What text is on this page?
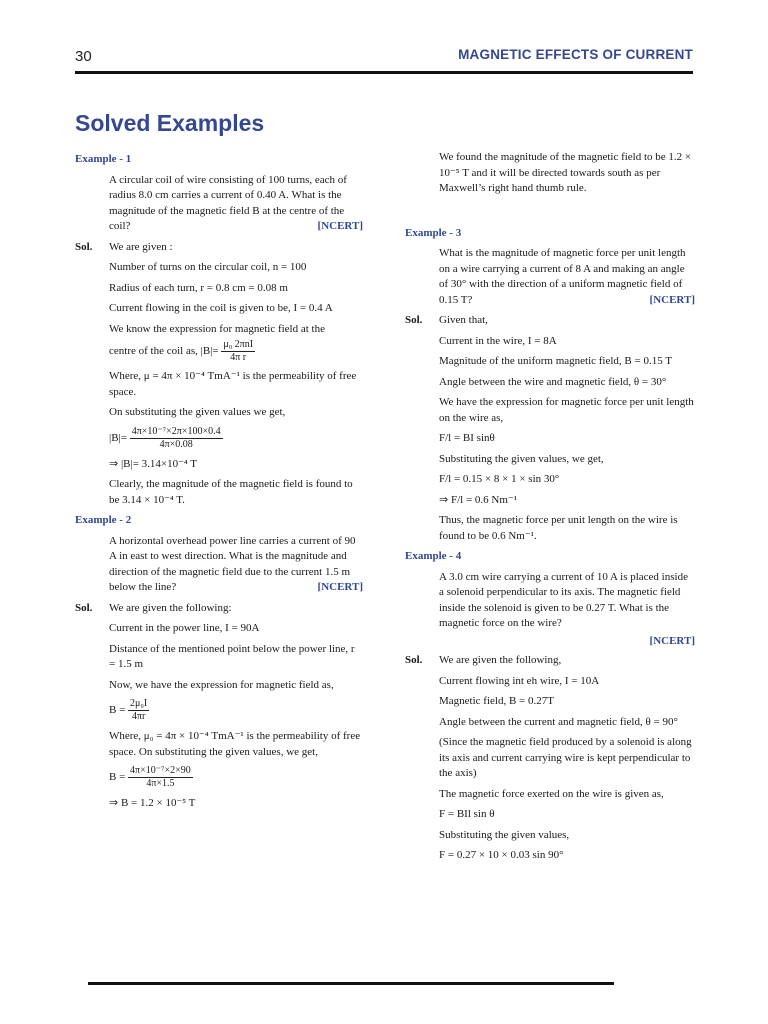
30	MAGNETIC EFFECTS OF CURRENT
Solved Examples
Example - 1
A circular coil of wire consisting of 100 turns, each of radius 8.0 cm carries a current of 0.40 A. What is the magnitude of the magnetic field B at the centre of the coil?	[NCERT]
Sol.	We are given :
Number of turns on the circular coil, n = 100
Radius of each turn, r = 0.8 cm = 0.08 m
Current flowing in the coil is given to be, I = 0.4 A
We know the expression for magnetic field at the
centre of the coil as, $|B|= \frac{\text{μ₀ 2πnI}}{\text{4π r}}$
Where, μ = 4π × 10⁻⁴ TmA⁻¹ is the permeability of free space.
On substituting the given values we get,
$|B|= \frac{\text{4π×10⁻⁷×2π×100×0.4}}{4\pi\times 0.08}$
⇒ |B|= 3.14×10⁻⁴ T
Clearly, the magnitude of the magnetic field is found to be 3.14 × 10⁻⁴ T.
Example - 2
A horizontal overhead power line carries a current of 90 A in east to west direction. What is the magnitude and direction of the magnetic field due to the current 1.5 m below the line?	[NCERT]
Sol.	We are given the following:
Current in the power line, I = 90A
Distance of the mentioned point below the power line, r = 1.5 m
Now, we have the expression for magnetic field as,
$B = \frac{\text{2μ₀I}}{4\pi r}$
Where, μ₀ = 4π × 10⁻⁴ TmA⁻¹ is the permeability of free space. On substituting the given values, we get,
$B = \frac{\text{4π×10⁻⁷×2×90}}{4\pi\times 1.5}$
⇒ B = 1.2 × 10⁻⁵ T
We found the magnitude of the magnetic field to be 1.2 × 10⁻⁵ T and it will be directed towards south as per Maxwell’s right hand thumb rule.
Example - 3
What is the magnitude of magnetic force per unit length on a wire carrying a current of 8 A and making an angle of 30° with the direction of a uniform magnetic field of 0.15 T?	[NCERT]
Sol.	Given that,
Current in the wire, I = 8A
Magnitude of the uniform magnetic field, B = 0.15 T
Angle between the wire and magnetic field, θ = 30°
We have the expression for magnetic force per unit length on the wire as,
F/l = BI sinθ
Substituting the given values, we get,
F/l = 0.15 × 8 × 1 × sin 30°
⇒ F/l = 0.6 Nm⁻¹
Thus, the magnetic force per unit length on the wire is found to be 0.6 Nm⁻¹.
Example - 4
A 3.0 cm wire carrying a current of 10 A is placed inside a solenoid perpendicular to its axis. The magnetic field inside the solenoid is given to be 0.27 T. What is the magnetic force on the wire?
[NCERT]
Sol.	We are given the following,
Current flowing int eh wire, I = 10A
Magnetic field, B = 0.27T
Angle between the current and magnetic field, θ = 90°
(Since the magnetic field produced by a solenoid is along its axis and current carrying wire is kept perpendicular to the axis)
The magnetic force exerted on the wire is given as,
F = BIl sin θ
Substituting the given values,
F = 0.27 × 10 × 0.03 sin 90°
